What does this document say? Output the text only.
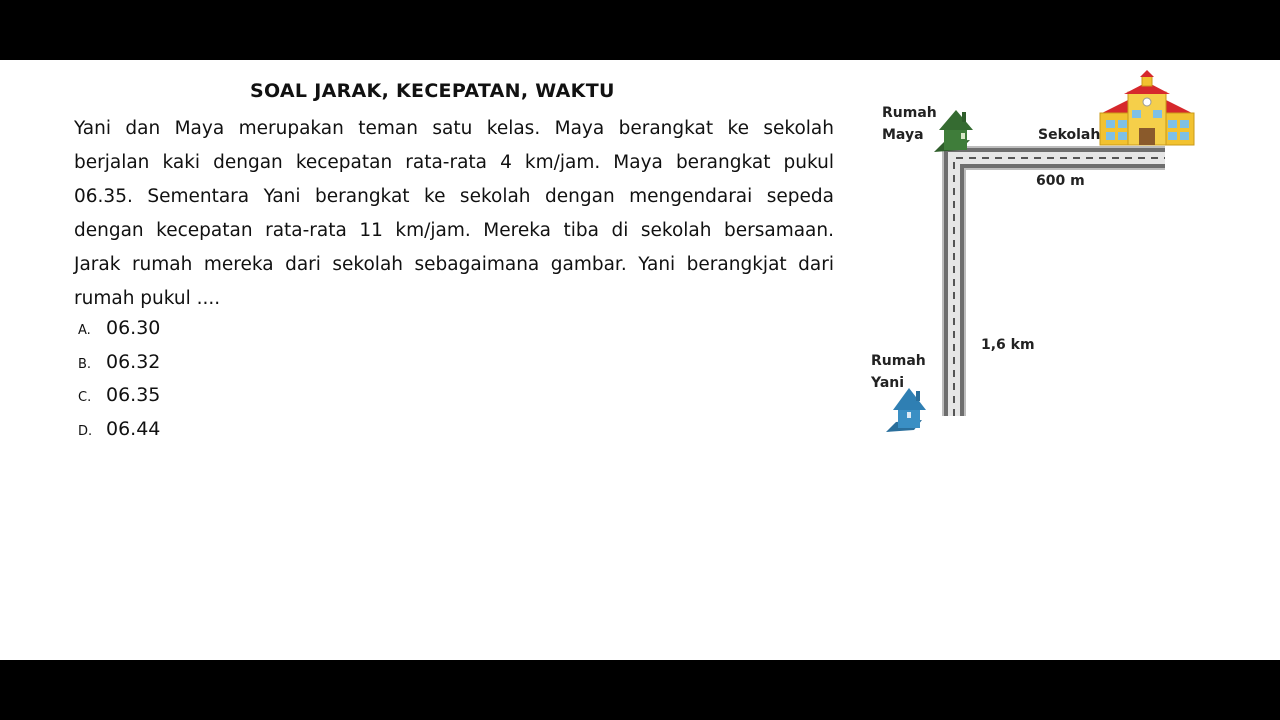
SOAL JARAK, KECEPATAN, WAKTU
Yani dan Maya merupakan teman satu kelas. Maya berangkat ke sekolah
berjalan kaki dengan kecepatan rata-rata 4 km/jam. Maya berangkat pukul
06.35. Sementara Yani berangkat ke sekolah dengan mengendarai sepeda
dengan kecepatan rata-rata 11 km/jam. Mereka tiba di sekolah bersamaan.
Jarak rumah mereka dari sekolah sebagaimana gambar. Yani berangkjat dari
rumah pukul ....
A. 06.30
B. 06.32
C. 06.35
D. 06.44
Rumah
Maya	Sekolah
600 m
1,6 km
Rumah
Yani
